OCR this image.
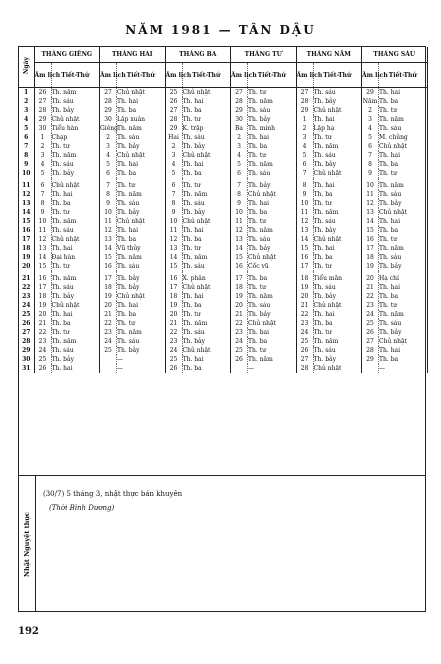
NĂM 1981 — TÂN DẬU
Ngày	THÁNG GIÊNG		THÁNG HAI		THÁNG BA		THÁNG TƯ		THÁNG NĂM		THÁNG SÁU	
	Âm lịch	Tiết-Thứ	Âm lịch	Tiết-Thứ	Âm lịch	Tiết-Thứ	Âm lịch	Tiết-Thứ	Âm lịch	Tiết-Thứ	Âm lịch	Tiết-Thứ
1	26	Th. năm	27	Chủ nhật	25	Chủ nhật	27	Th. tư	27	Th. sáu	29	Th. hai
2	27	Th. sáu	28	Th. hai	26	Th. hai	28	Th. năm	28	Th. bảy	Năm	Th. ba
3	28	Th. bảy	29	Th. ba	27	Th. ba	29	Th. sáu	29	Chủ nhật	2	Th. tư
4	29	Chủ nhật	30	Lập xuân	28	Th. tư	30	Th. bảy	1	Th. hai	3	Th. năm
5	30	Tiểu hàn	Giêng	Th. năm	29	K. trập	Ba	Th. minh	2	Lập hạ	4	Th. sáu
6	1	Chạp	2	Th. sáu	Hai	Th. sáu	2	Th. hai	3	Th. tư	5	M. chủng
7	2	Th. tư	3	Th. bảy	2	Th. bảy	3	Th. ba	4	Th. năm	6	Chủ nhật
8	3	Th. năm	4	Chủ nhật	3	Chủ nhật	4	Th. tư	5	Th. sáu	7	Th. hai
9	4	Th. sáu	5	Th. hai	4	Th. hai	5	Th. năm	6	Th. bảy	8	Th. ba
10	5	Th. bảy	6	Th. ba	5	Th. ba	6	Th. sáu	7	Chủ nhật	9	Th. tư
11	6	Chủ nhật	7	Th. tư	6	Th. tư	7	Th. bảy	8	Th. hai	10	Th. năm
12	7	Th. hai	8	Th. năm	7	Th. năm	8	Chủ nhật	9	Th. ba	11	Th. sáu
13	8	Th. ba	9	Th. sáu	8	Th. sáu	9	Th. hai	10	Th. tư	12	Th. bảy
14	9	Th. tư	10	Th. bảy	9	Th. bảy	10	Th. ba	11	Th. năm	13	Chủ nhật
15	10	Th. năm	11	Chủ nhật	10	Chủ nhật	11	Th. tư	12	Th. sáu	14	Th. hai
16	11	Th. sáu	12	Th. hai	11	Th. hai	12	Th. năm	13	Th. bảy	15	Th. ba
17	12	Chủ nhật	13	Th. ba	12	Th. ba	13	Th. sáu	14	Chủ nhật	16	Th. tư
18	13	Th. hai	14	Vũ thủy	13	Th. tư	14	Th. bảy	15	Th. hai	17	Th. năm
19	14	Đại hàn	15	Th. năm	14	Th. năm	15	Chủ nhật	16	Th. ba	18	Th. sáu
20	15	Th. tư	16	Th. sáu	15	Th. sáu	16	Cốc vũ	17	Th. tư	19	Th. bảy
21	16	Th. năm	17	Th. bảy	16	X. phân	17	Th. ba	18	Tiểu mãn	20	Hạ chí
22	17	Th. sáu	18	Th. bảy	17	Chủ nhật	18	Th. tư	19	Th. sáu	21	Th. hai
23	18	Th. bảy	19	Chủ nhật	18	Th. hai	19	Th. năm	20	Th. bảy	22	Th. ba
24	19	Chủ nhật	20	Th. hai	19	Th. ba	20	Th. sáu	21	Chủ nhật	23	Th. tư
25	20	Th. hai	21	Th. ba	20	Th. tư	21	Th. bảy	22	Th. hai	24	Th. năm
26	21	Th. ba	22	Th. tư	21	Th. năm	22	Chủ nhật	23	Th. ba	25	Th. sáu
27	22	Th. tư	23	Th. năm	22	Th. sáu	23	Th. hai	24	Th. tư	26	Th. bảy
28	23	Th. năm	24	Th. sáu	23	Th. bảy	24	Th. ba	25	Th. năm	27	Chủ nhật
29	24	Th. sáu	25	Th. bảy	24	Chủ nhật	25	Th. tư	26	Th. sáu	28	Th. hai
30	25	Th. bảy		—	25	Th. hai	26	Th. năm	27	Th. bảy	29	Th. ba
31	26	Th. hai		—	26	Th. ba		—	28	Chủ nhật		—
Nhật Nguyệt thực
(30/7) 5 tháng 3, nhật thực bán khuyên
(Thời Bình Dương)
192
